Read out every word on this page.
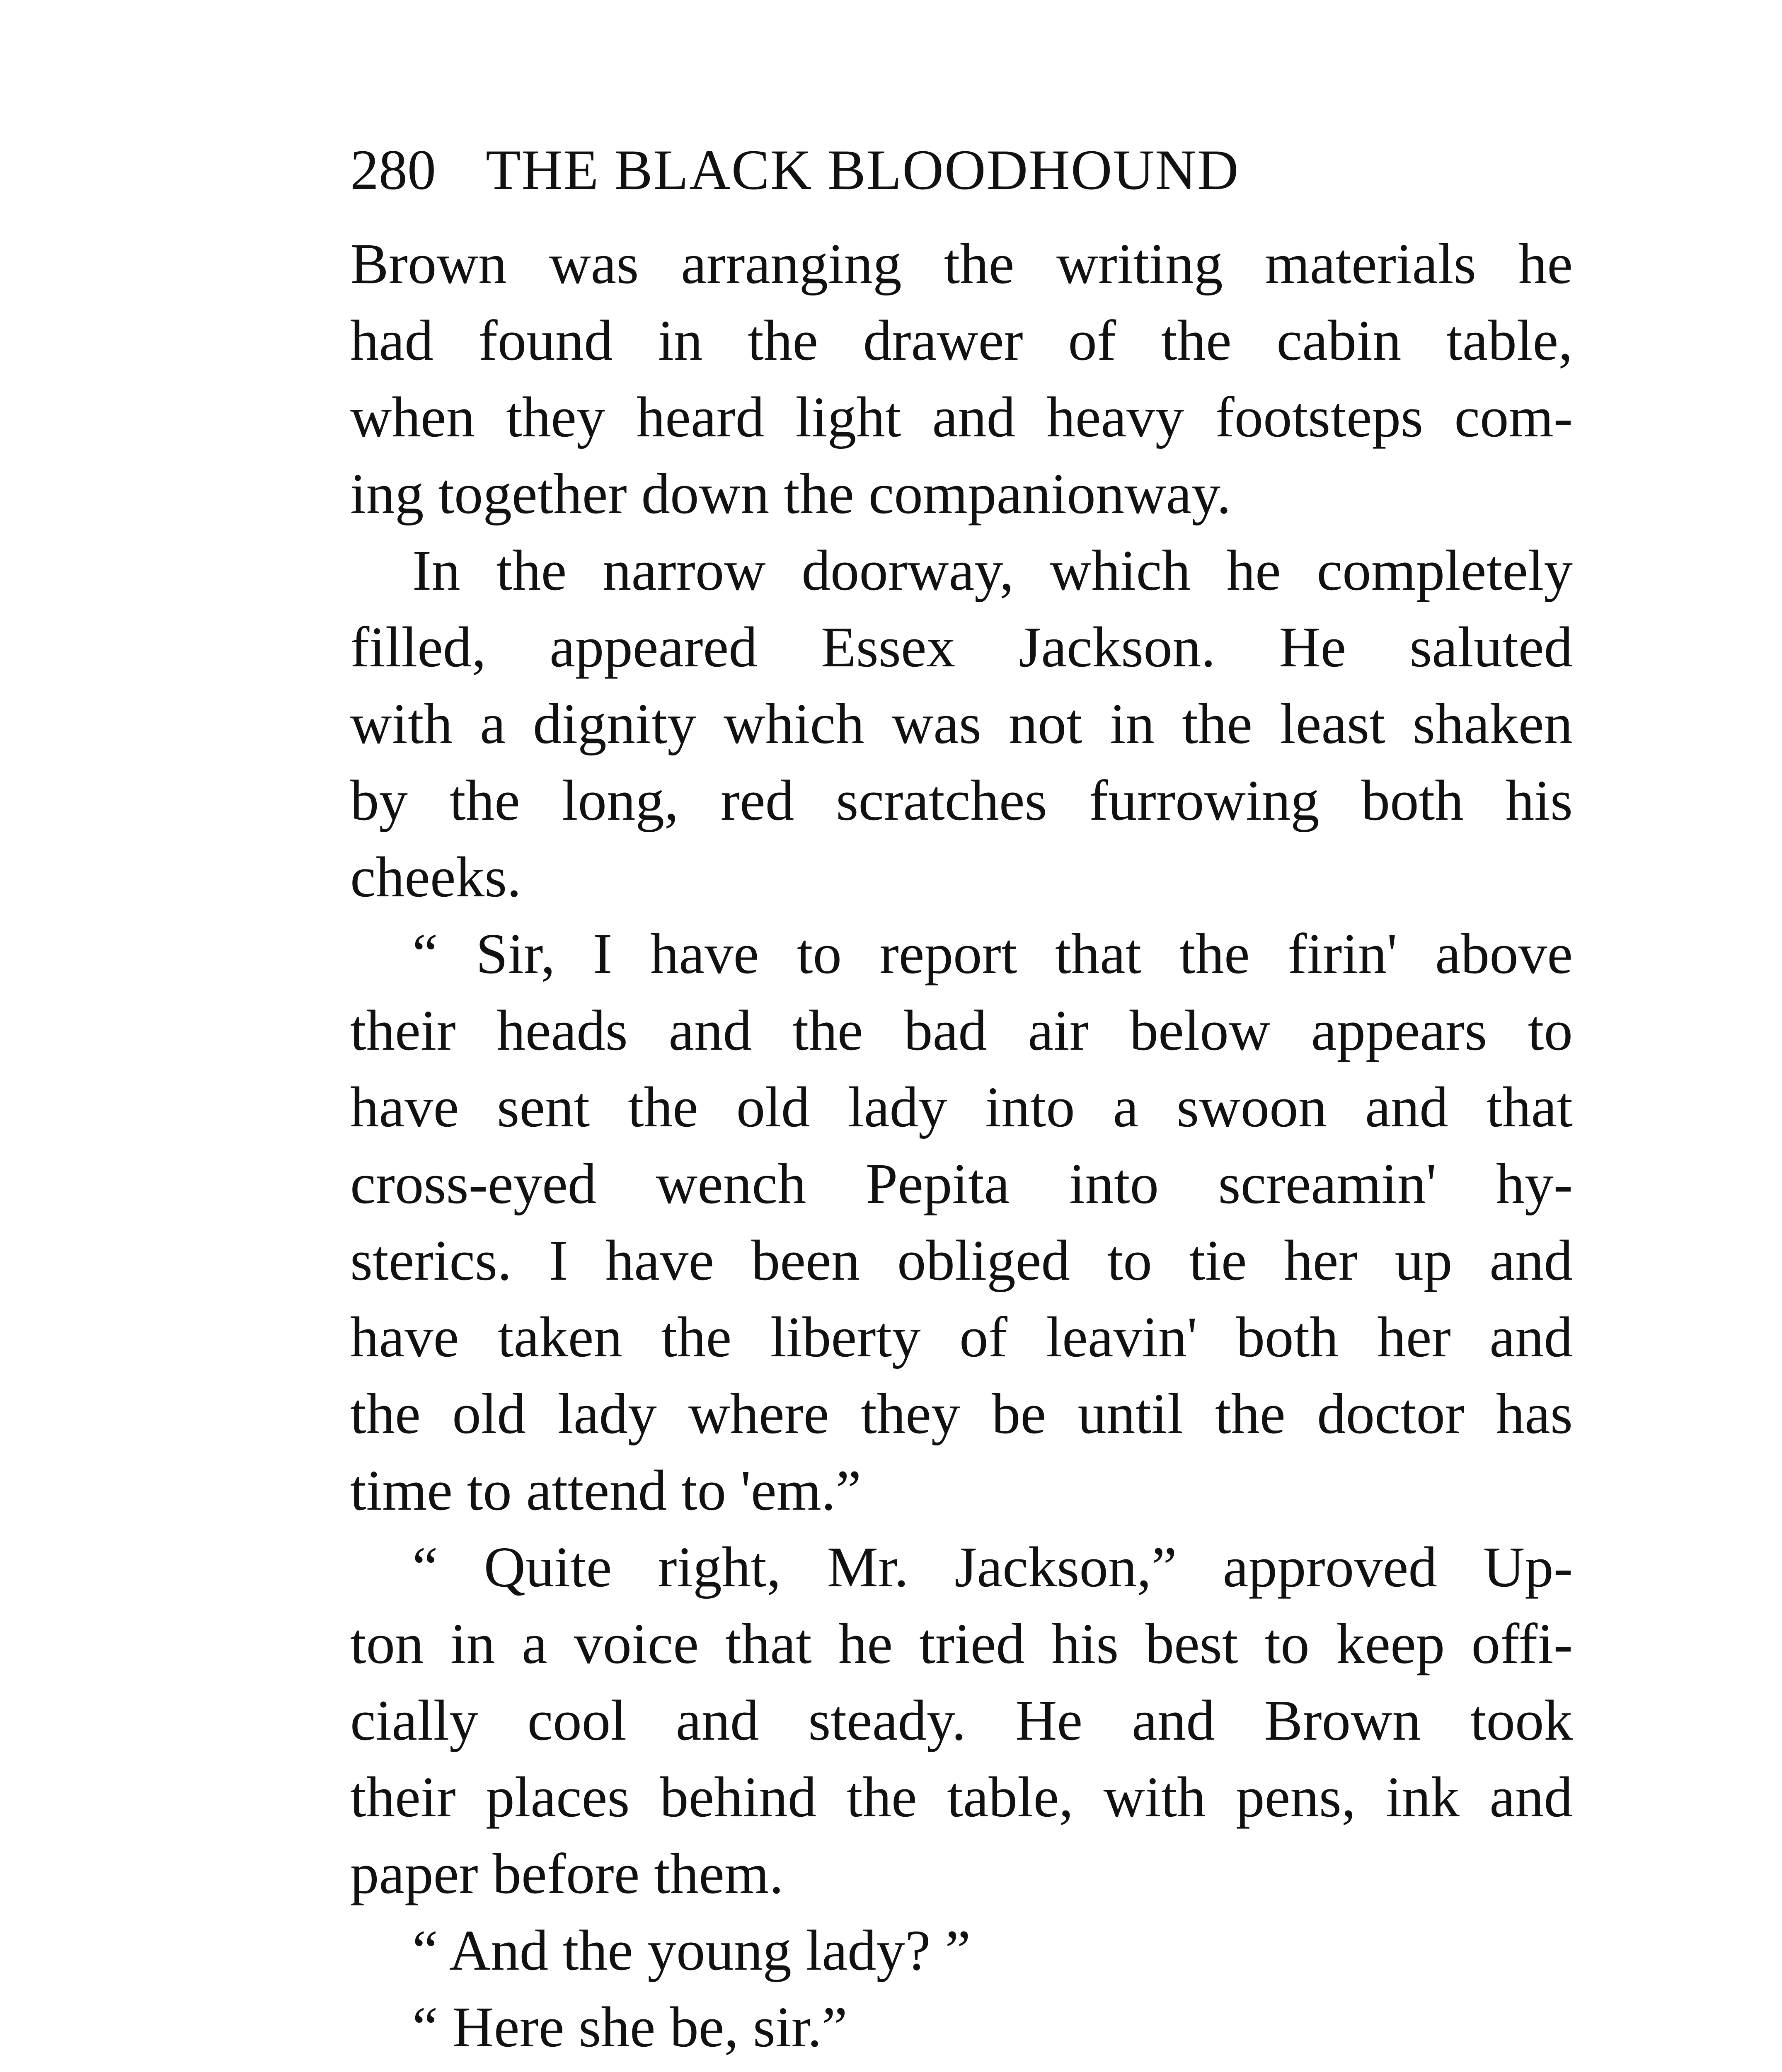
280 THE BLACK BLOODHOUND
Brown was arranging the writing materials he
had found in the drawer of the cabin table,
when they heard light and heavy footsteps com-
ing together down the companionway.
In the narrow doorway, which he completely
filled, appeared Essex Jackson. He saluted
with a dignity which was not in the least shaken
by the long, red scratches furrowing both his
cheeks.
“ Sir, I have to report that the firin' above
their heads and the bad air below appears to
have sent the old lady into a swoon and that
cross-eyed wench Pepita into screamin' hy-
sterics. I have been obliged to tie her up and
have taken the liberty of leavin' both her and
the old lady where they be until the doctor has
time to attend to 'em.”
“ Quite right, Mr. Jackson,” approved Up-
ton in a voice that he tried his best to keep offi-
cially cool and steady. He and Brown took
their places behind the table, with pens, ink and
paper before them.
“ And the young lady? ”
“ Here she be, sir.”
